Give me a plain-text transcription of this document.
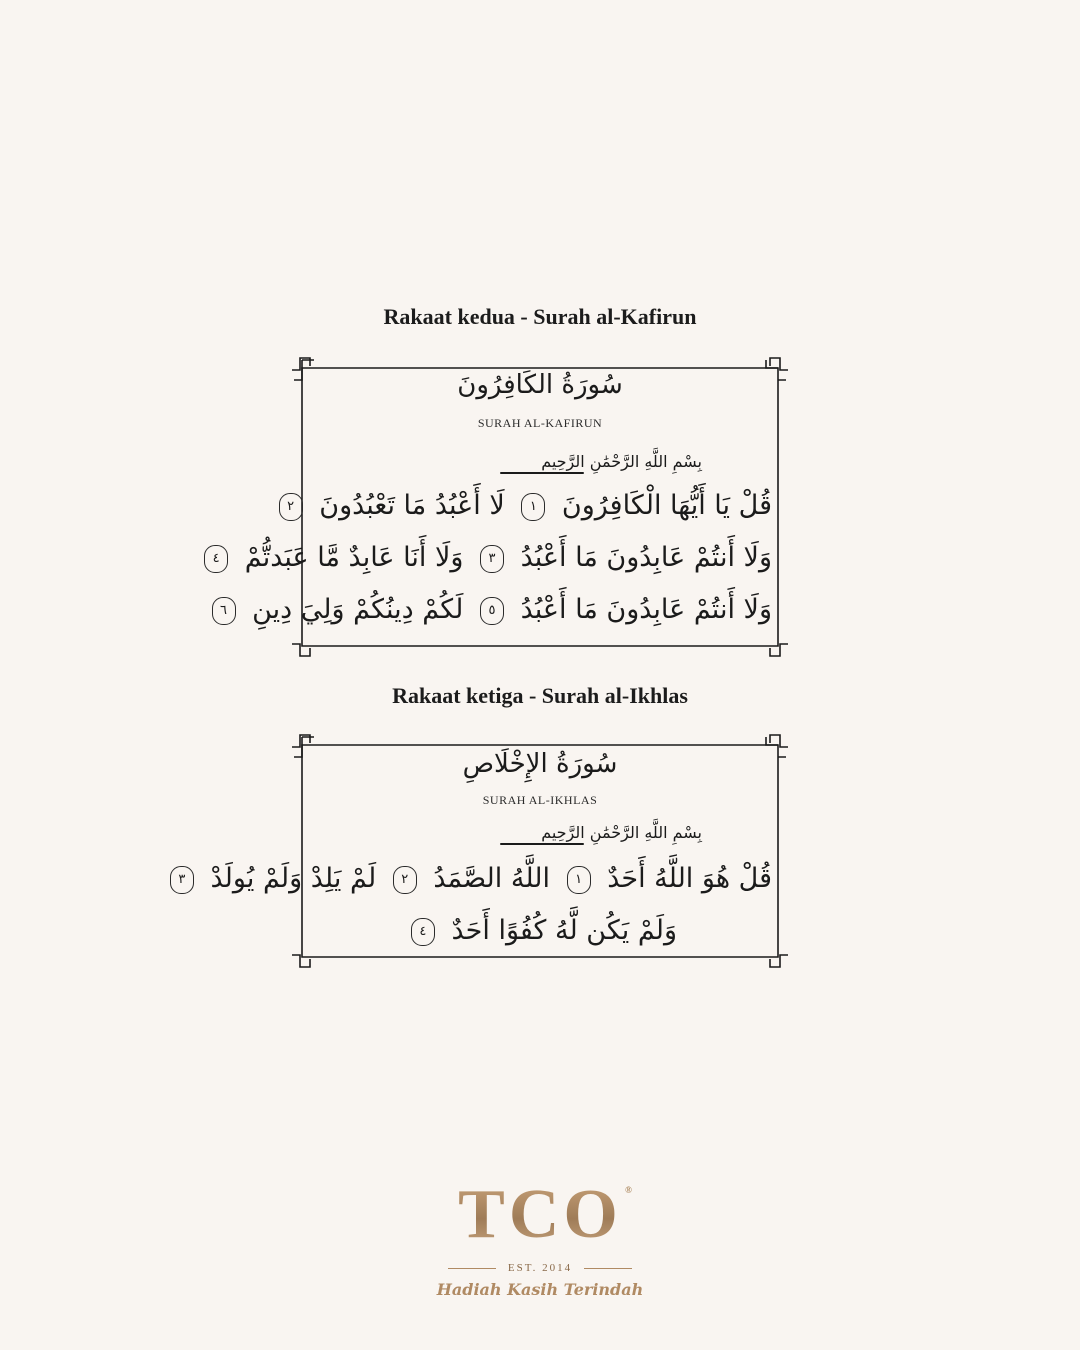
Rakaat kedua - Surah al-Kafirun
سُورَةُ الكَافِرُونَ
SURAH AL-KAFIRUN
بِسْمِ اللَّهِ الرَّحْمَٰنِ الرَّحِيمِ
قُلْ يَا أَيُّهَا الْكَافِرُونَ ١ لَا أَعْبُدُ مَا تَعْبُدُونَ ٢
وَلَا أَنتُمْ عَابِدُونَ مَا أَعْبُدُ ٣ وَلَا أَنَا عَابِدٌ مَّا عَبَدتُّمْ ٤
وَلَا أَنتُمْ عَابِدُونَ مَا أَعْبُدُ ٥ لَكُمْ دِينُكُمْ وَلِيَ دِينِ ٦
Rakaat ketiga - Surah al-Ikhlas
سُورَةُ الإِخْلَاصِ
SURAH AL-IKHLAS
بِسْمِ اللَّهِ الرَّحْمَٰنِ الرَّحِيمِ
قُلْ هُوَ اللَّهُ أَحَدٌ ١ اللَّهُ الصَّمَدُ ٢ لَمْ يَلِدْ وَلَمْ يُولَدْ ٣
وَلَمْ يَكُن لَّهُ كُفُوًا أَحَدٌ ٤
TCO ®
EST. 2014
Hadiah Kasih Terindah
